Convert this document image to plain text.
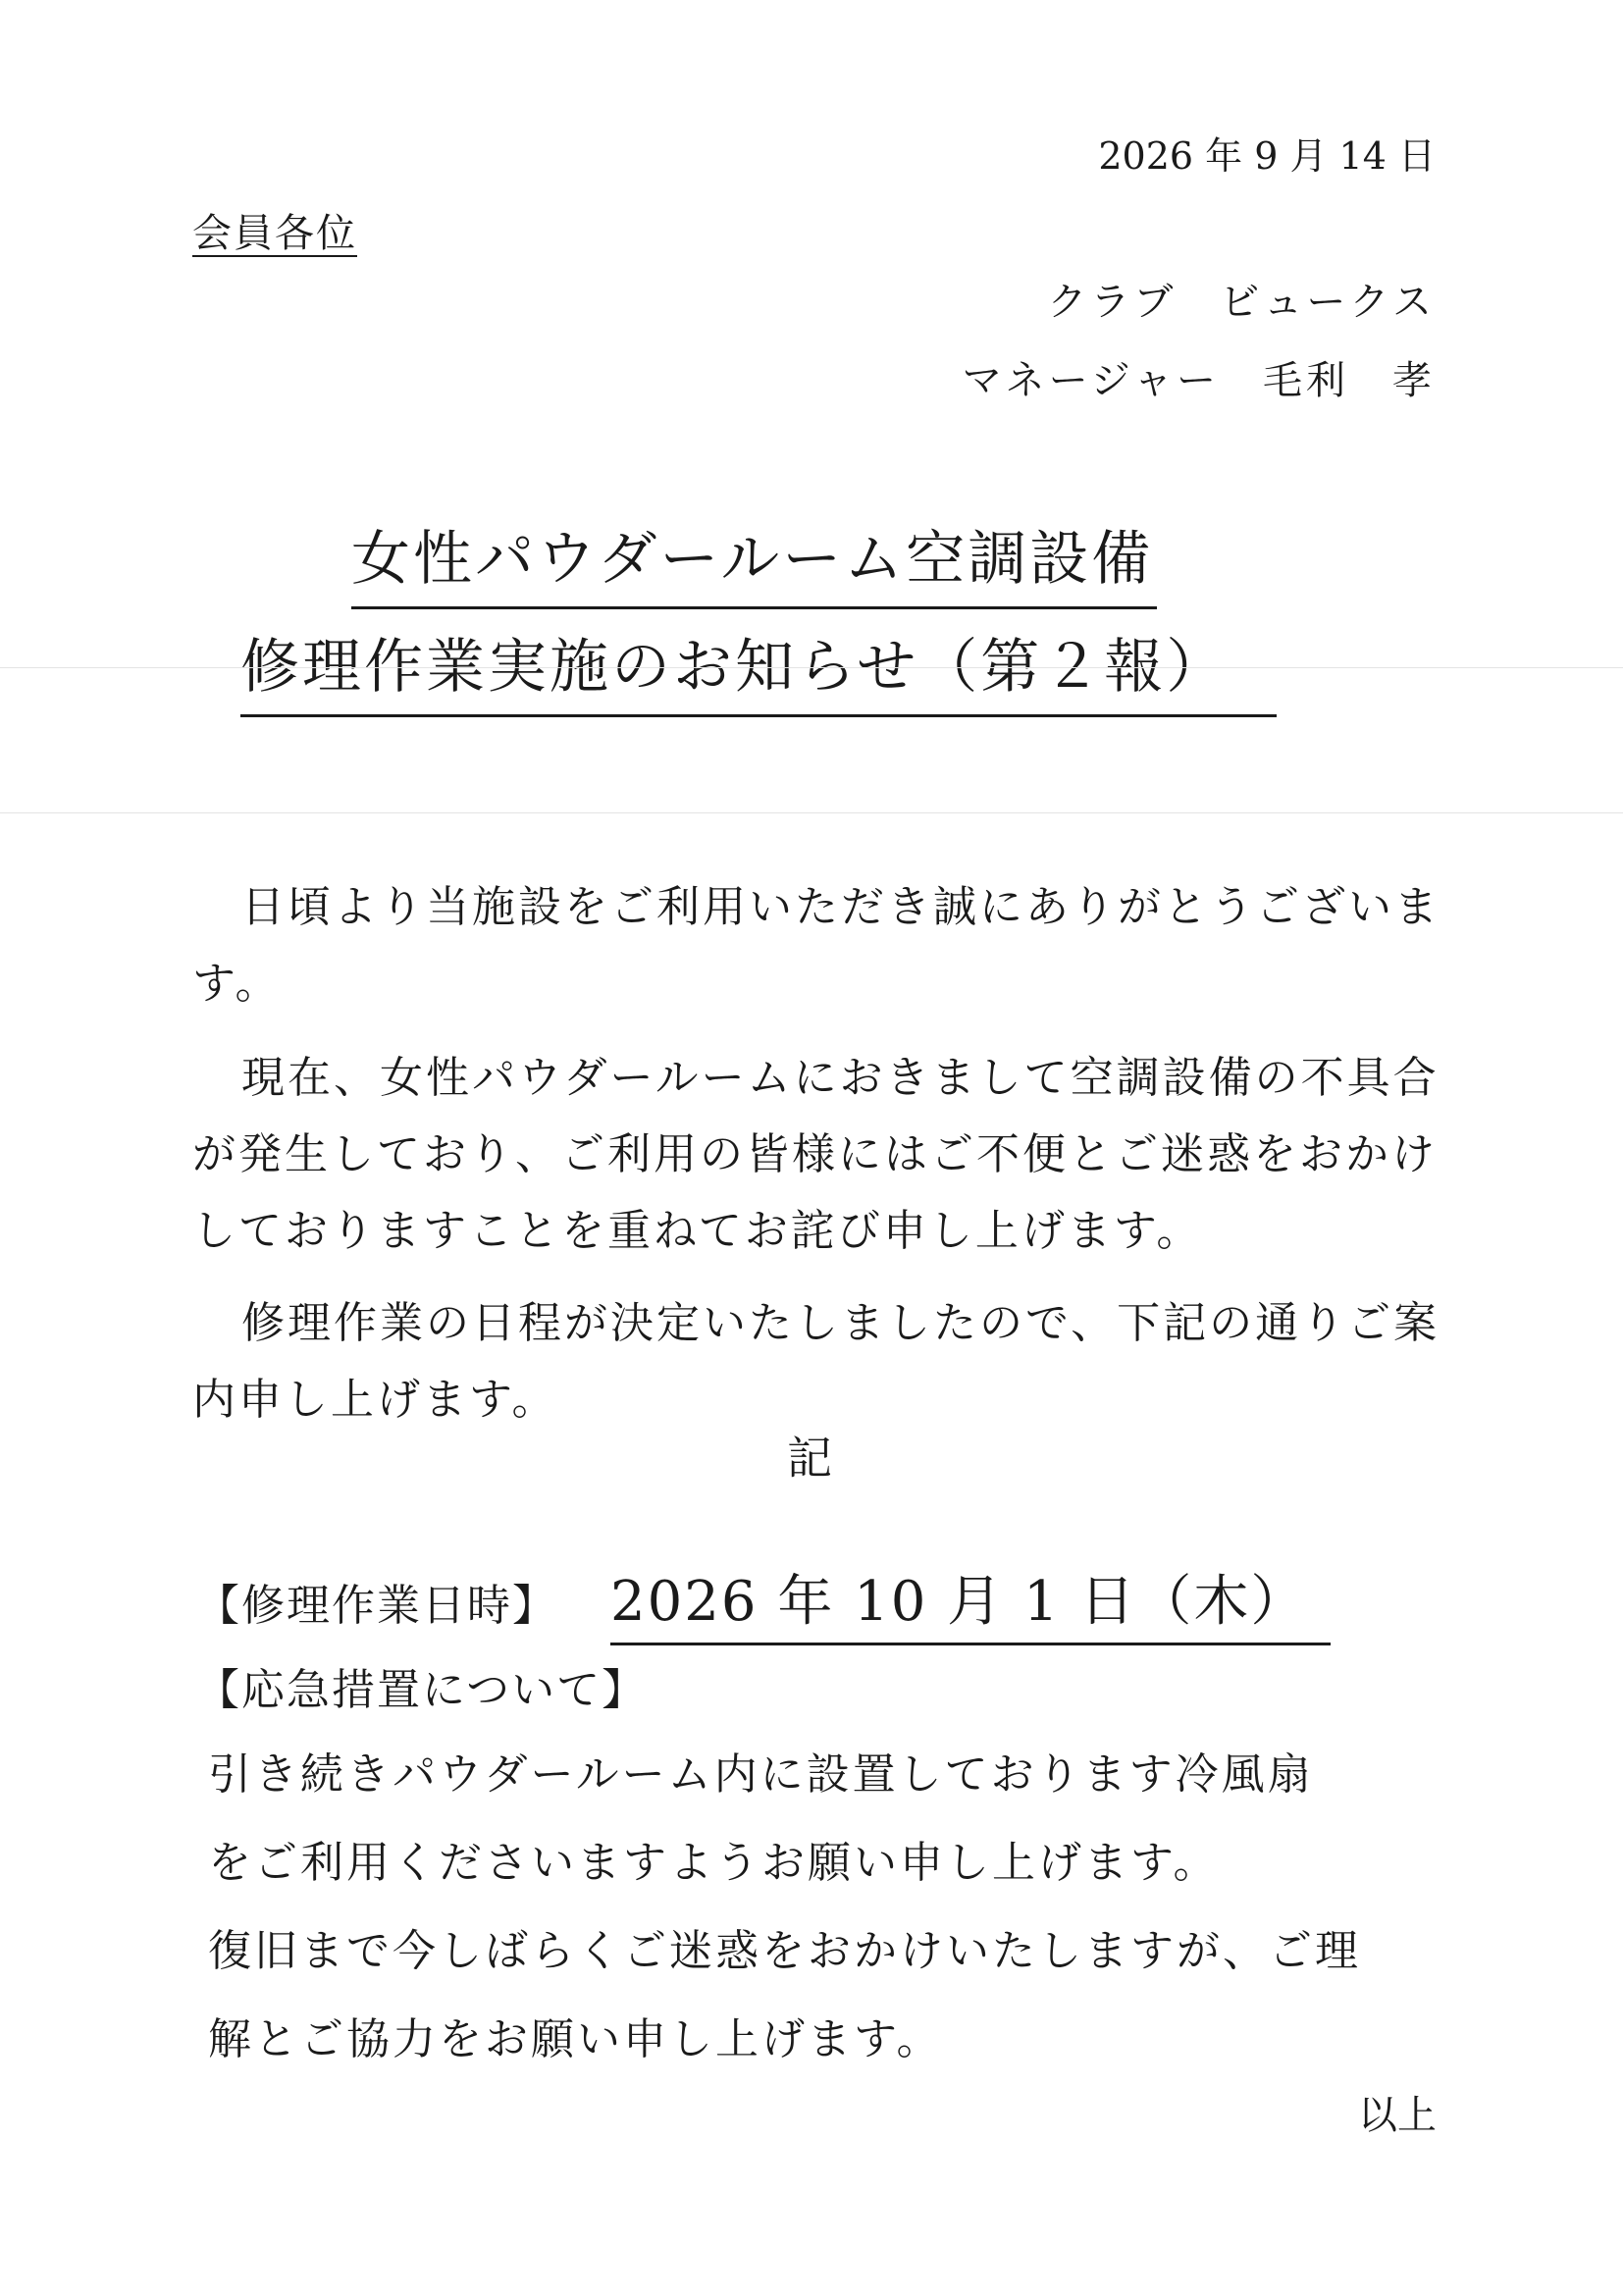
2026 年 9 月 14 日
会員各位
クラブ　ビュークス
マネージャー　毛利　孝
女性パウダールーム空調設備
修理作業実施のお知らせ（第２報）

日頃より当施設をご利用いただき誠にありがとうございます。

現在、女性パウダールームにおきまして空調設備の不具合が発生しており、ご利用の皆様にはご不便とご迷惑をおかけしておりますことを重ねてお詫び申し上げます。

修理作業の日程が決定いたしましたので、下記の通りご案内申し上げます。

記
【修理作業日時】 2026 年 10 月 1 日（木）
【応急措置について】
引き続きパウダールーム内に設置しております冷風扇
をご利用くださいますようお願い申し上げます。
復旧まで今しばらくご迷惑をおかけいたしますが、ご理
解とご協力をお願い申し上げます。
以上
